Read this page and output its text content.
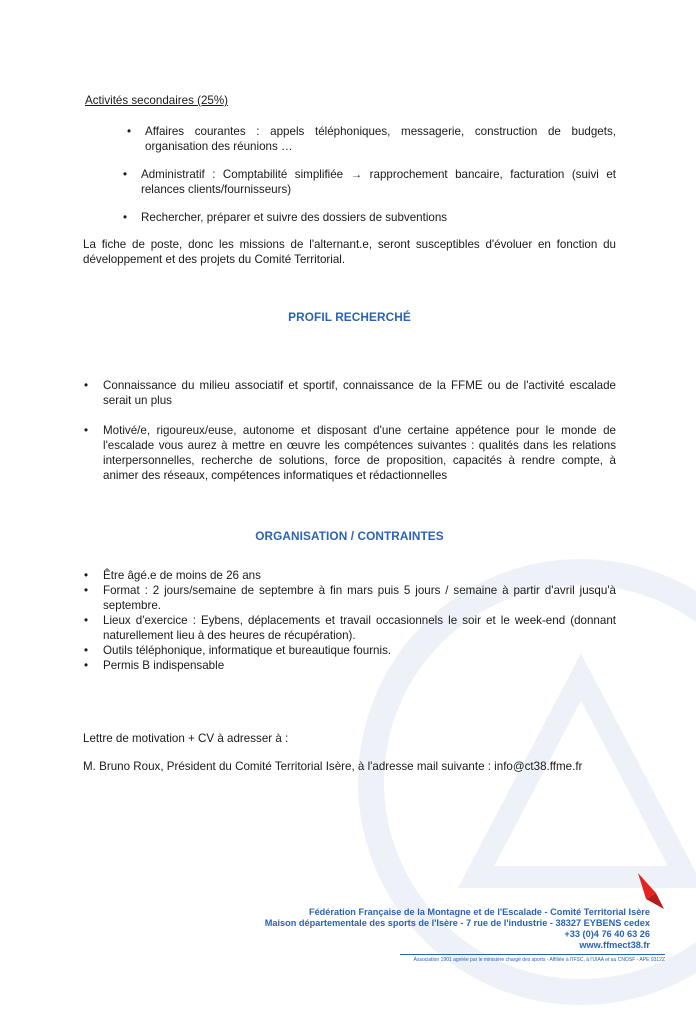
Activités secondaires (25%)
• Affaires courantes : appels téléphoniques, messagerie, construction de budgets, organisation des réunions …
• Administratif : Comptabilité simplifiée → rapprochement bancaire, facturation (suivi et relances clients/fournisseurs)
• Rechercher, préparer et suivre des dossiers de subventions

La fiche de poste, donc les missions de l'alternant.e, seront susceptibles d'évoluer en fonction du développement et des projets du Comité Territorial.

PROFIL RECHERCHÉ
• Connaissance du milieu associatif et sportif, connaissance de la FFME ou de l'activité escalade serait un plus
• Motivé/e, rigoureux/euse, autonome et disposant d'une certaine appétence pour le monde de l'escalade vous aurez à mettre en œuvre les compétences suivantes : qualités dans les relations interpersonnelles, recherche de solutions, force de proposition, capacités à rendre compte, à animer des réseaux, compétences informatiques et rédactionnelles
ORGANISATION / CONTRAINTES
• Être âgé.e de moins de 26 ans
• Format : 2 jours/semaine de septembre à fin mars puis 5 jours / semaine à partir d'avril jusqu'à septembre.
• Lieux d'exercice : Eybens, déplacements et travail occasionnels le soir et le week-end (donnant naturellement lieu à des heures de récupération).
• Outils téléphonique, informatique et bureautique fournis.
• Permis B indispensable

Lettre de motivation + CV à adresser à :

M. Bruno Roux, Président du Comité Territorial Isère, à l'adresse mail suivante : info@ct38.ffme.fr

Fédération Française de la Montagne et de l'Escalade - Comité Territorial Isère
Maison départementale des sports de l'Isère - 7 rue de l'industrie - 38327 EYBENS cedex
+33 (0)4 76 40 63 26
www.ffmect38.fr
Association 1901 agréée par le ministère chargé des sports - Affiliée à l'IFSC, à l'UIAA et au CNOSF - APE 9312Z
